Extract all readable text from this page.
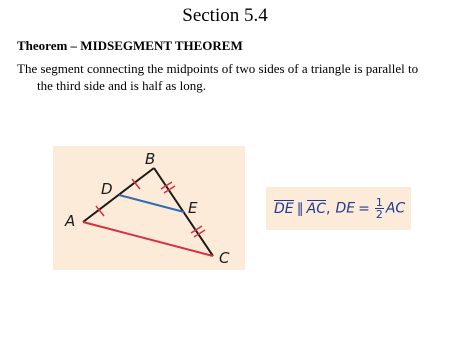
Section 5.4
Theorem – MIDSEGMENT THEOREM
The segment connecting the midpoints of two sides of a triangle is parallel to the third side and is half as long.
B
D
E
A
C
DE ∥ AC, DE = $\frac{1}{2}$ AC
